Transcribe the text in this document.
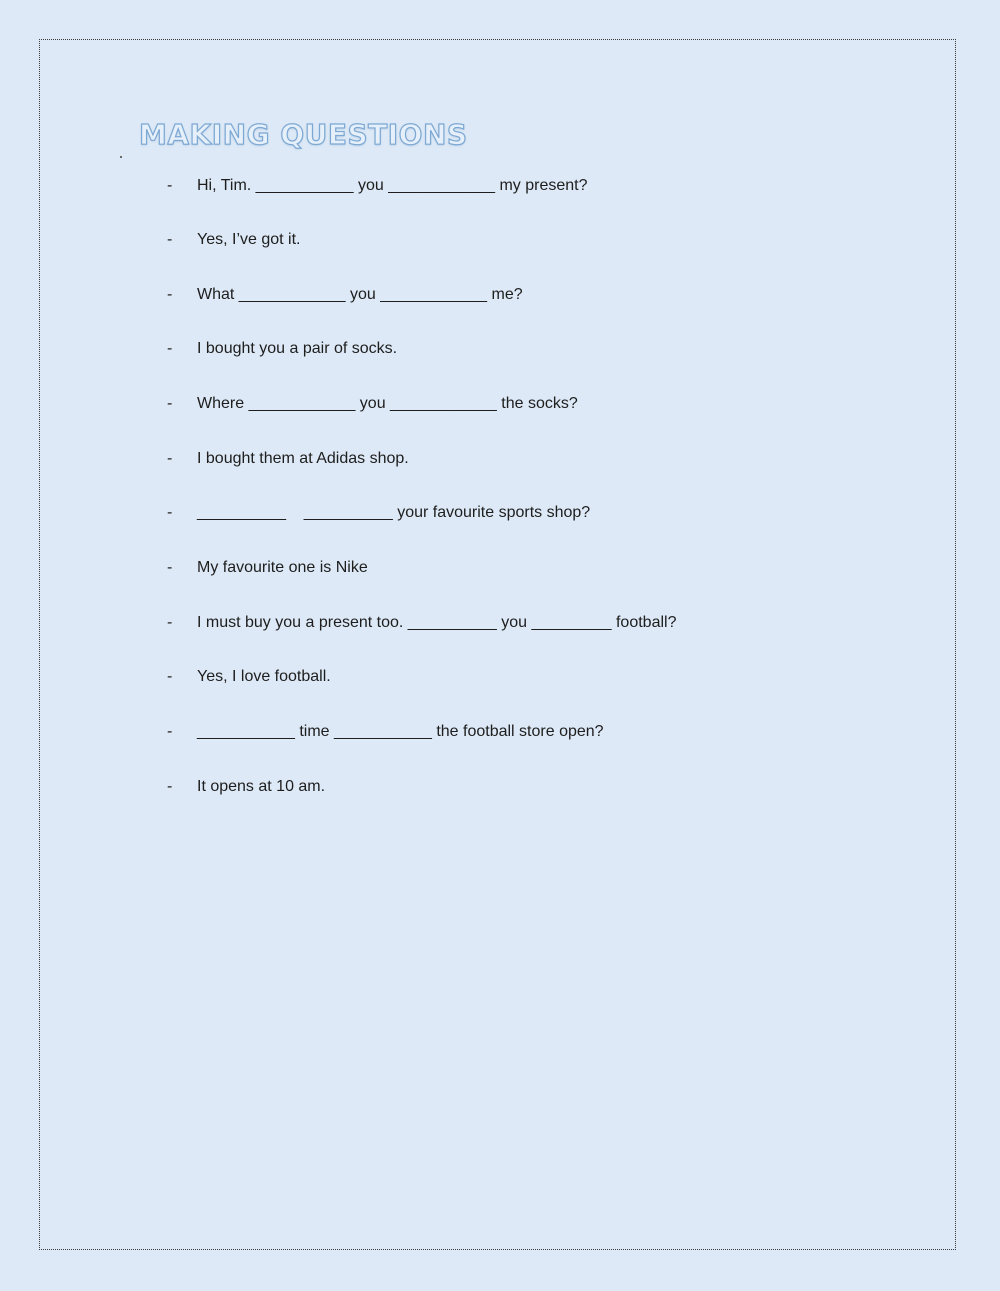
MAKING QUESTIONS
- Hi, Tim. ___________ you ____________ my present?
- Yes, I’ve got it.
- What ____________ you ____________ me?
- I bought you a pair of socks.
- Where ____________ you ____________ the socks?
- I bought them at Adidas shop.
- __________    __________ your favourite sports shop?
- My favourite one is Nike
- I must buy you a present too. __________ you _________ football?
- Yes, I love football.
- ___________ time ___________ the football store open?
- It opens at 10 am.
